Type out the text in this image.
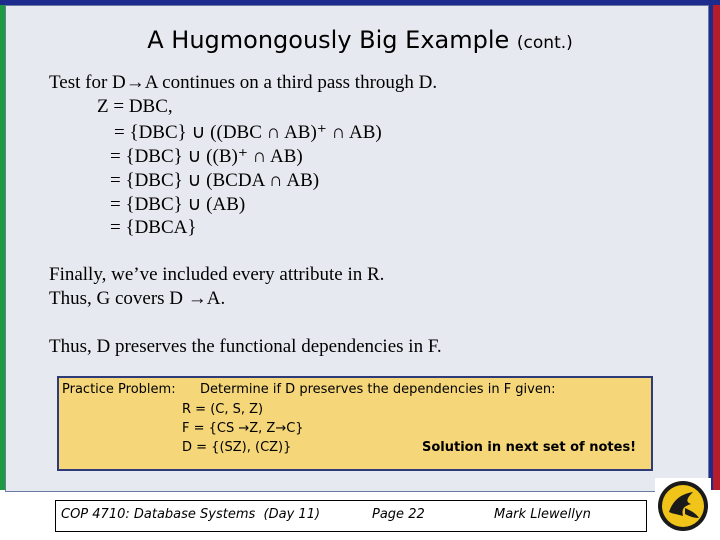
A Hugmongously Big Example (cont.)
Test for D→A continues on a third pass through D.
Z = DBC,
= {DBC} ∪ ((DBC ∩ AB)⁺ ∩ AB)
= {DBC} ∪ ((B)⁺ ∩ AB)
= {DBC} ∪ (BCDA ∩ AB)
= {DBC} ∪ (AB)
= {DBCA}
Finally, we’ve included every attribute in R.
Thus, G covers D →A.
Thus, D preserves the functional dependencies in F.
Practice Problem: Determine if D preserves the dependencies in F given:
R = (C, S, Z)
F = {CS →Z, Z→C}
D = {(SZ), (CZ)}	Solution in next set of notes!
COP 4710: Database Systems  (Day 11)	Page 22	Mark Llewellyn
